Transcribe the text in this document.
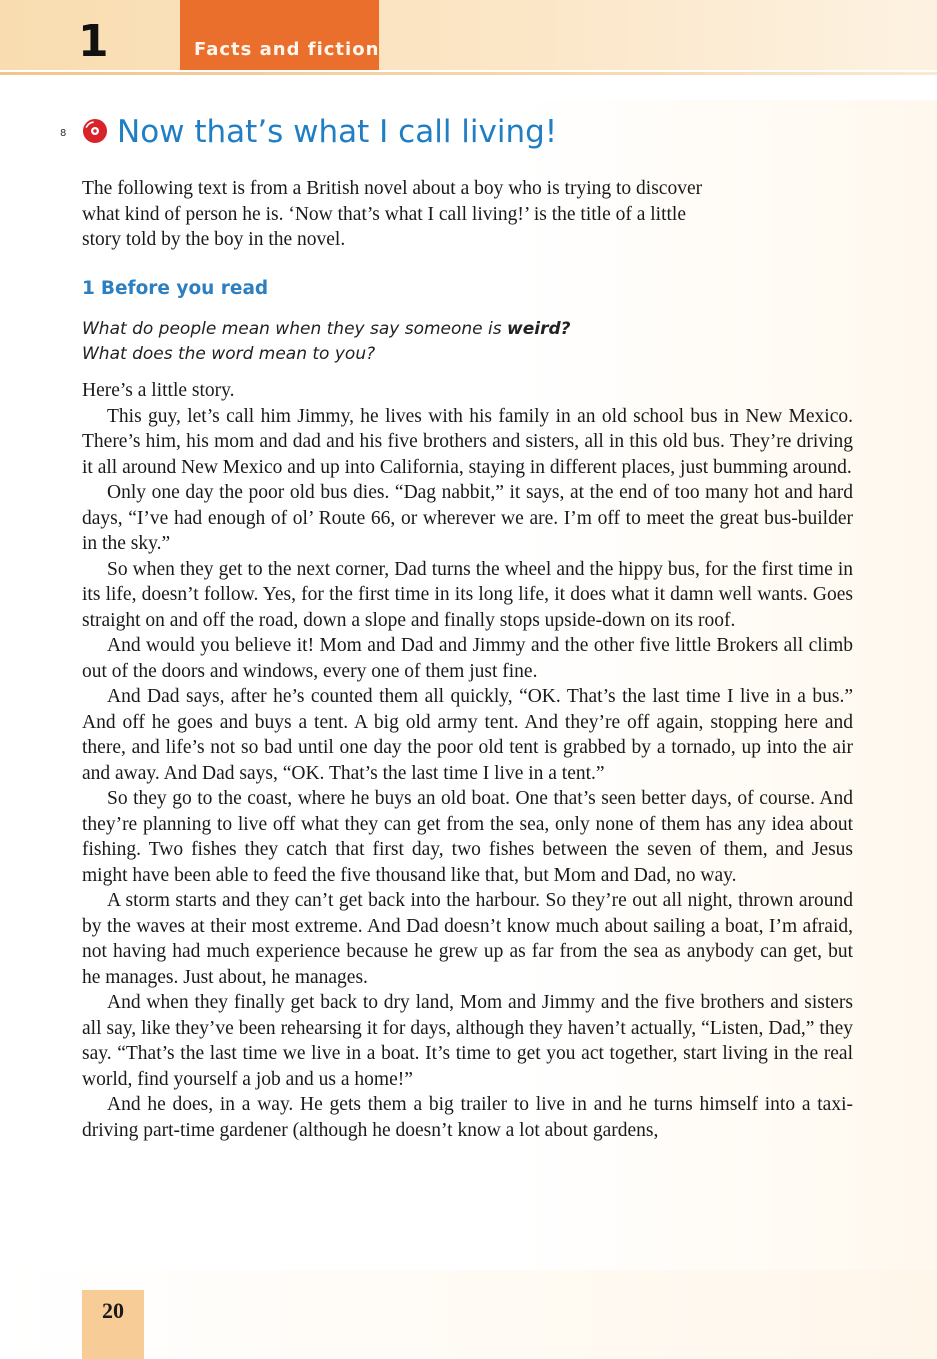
1	Facts and fiction
8 Now that’s what I call living!

The following text is from a British novel about a boy who is trying to discover what kind of person he is. ‘Now that’s what I call living!’ is the title of a little story told by the boy in the novel.

1 Before you read

What do people mean when they say someone is weird?

What does the word mean to you?

Here’s a little story.

This guy, let’s call him Jimmy, he lives with his family in an old school bus in New Mexico. There’s him, his mom and dad and his five brothers and sisters, all in this old bus. They’re driving it all around New Mexico and up into California, staying in different places, just bumming around.

Only one day the poor old bus dies. “Dag nabbit,” it says, at the end of too many hot and hard days, “I’ve had enough of ol’ Route 66, or wherever we are. I’m off to meet the great bus-builder in the sky.”

So when they get to the next corner, Dad turns the wheel and the hippy bus, for the first time in its life, doesn’t follow. Yes, for the first time in its long life, it does what it damn well wants. Goes straight on and off the road, down a slope and finally stops upside-down on its roof.

And would you believe it! Mom and Dad and Jimmy and the other five little Brokers all climb out of the doors and windows, every one of them just fine.

And Dad says, after he’s counted them all quickly, “OK. That’s the last time I live in a bus.” And off he goes and buys a tent. A big old army tent. And they’re off again, stopping here and there, and life’s not so bad until one day the poor old tent is grabbed by a tornado, up into the air and away. And Dad says, “OK. That’s the last time I live in a tent.”

So they go to the coast, where he buys an old boat. One that’s seen better days, of course. And they’re planning to live off what they can get from the sea, only none of them has any idea about fishing. Two fishes they catch that first day, two fishes between the seven of them, and Jesus might have been able to feed the five thousand like that, but Mom and Dad, no way.

A storm starts and they can’t get back into the harbour. So they’re out all night, thrown around by the waves at their most extreme. And Dad doesn’t know much about sailing a boat, I’m afraid, not having had much experience because he grew up as far from the sea as anybody can get, but he manages. Just about, he manages.

And when they finally get back to dry land, Mom and Jimmy and the five brothers and sisters all say, like they’ve been rehearsing it for days, although they haven’t actually, “Listen, Dad,” they say. “That’s the last time we live in a boat. It’s time to get you act together, start living in the real world, find yourself a job and us a home!”

And he does, in a way. He gets them a big trailer to live in and he turns himself into a taxi-driving part-time gardener (although he doesn’t know a lot about gardens,

20
